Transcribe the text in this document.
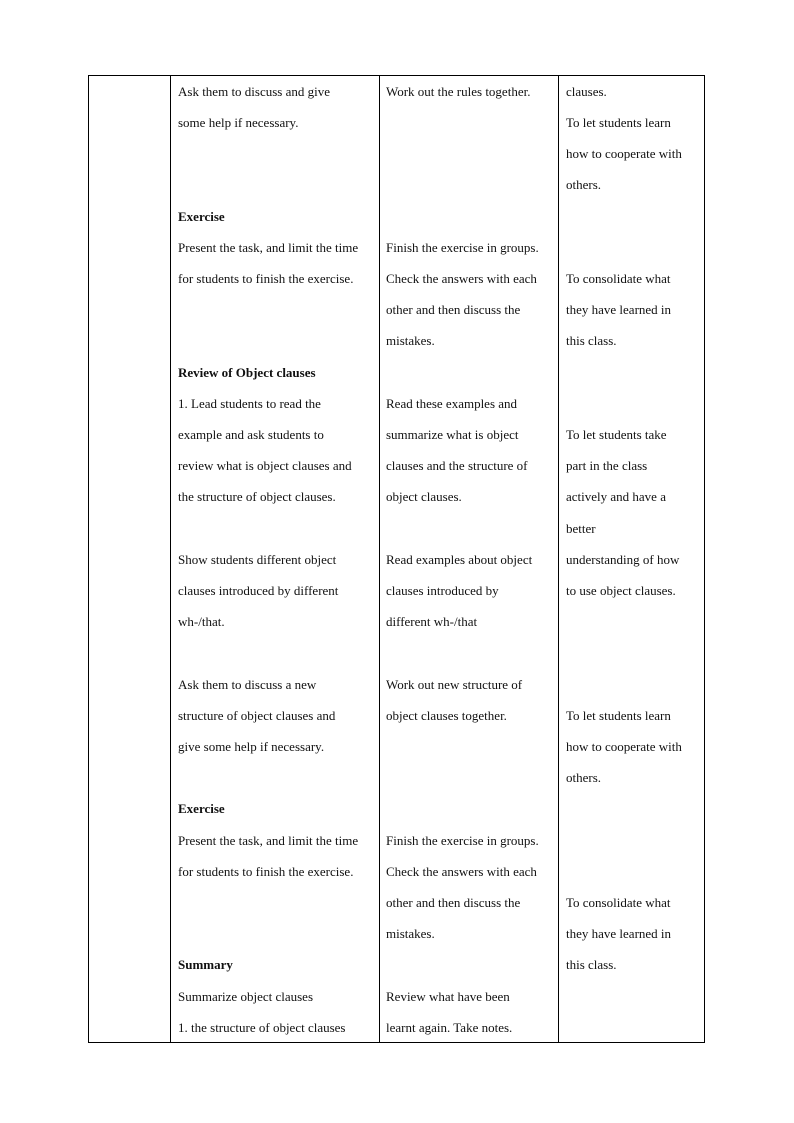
Ask them to discuss and give
some help if necessary.
Exercise
Present the task, and limit the time
for students to finish the exercise.
Review of Object clauses
1. Lead students to read the
example and ask students to
review what is object clauses and
the structure of object clauses.
Show students different object
clauses introduced by different
wh-/that.
Ask them to discuss a new
structure of object clauses and
give some help if necessary.
Exercise
Present the task, and limit the time
for students to finish the exercise.
Summary
Summarize object clauses
1. the structure of object clauses
Work out the rules together.
Finish the exercise in groups.
Check the answers with each
other and then discuss the
mistakes.
Read these examples and
summarize what is object
clauses and the structure of
object clauses.
Read examples about object
clauses introduced by
different wh-/that
Work out new structure of
object clauses together.
Finish the exercise in groups.
Check the answers with each
other and then discuss the
mistakes.
Review what have been
learnt again. Take notes.
clauses.
To let students learn
how to cooperate with
others.
To consolidate what
they have learned in
this class.
To let students take
part in the class
actively and have a
better
understanding of how
to use object clauses.
To let students learn
how to cooperate with
others.
To consolidate what
they have learned in
this class.
